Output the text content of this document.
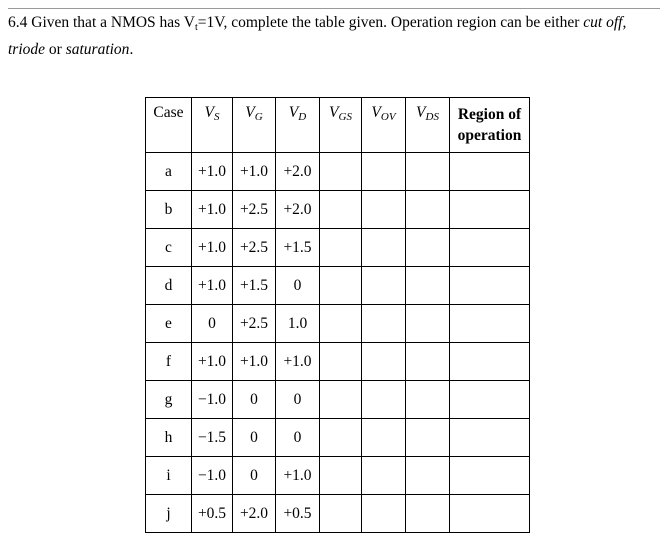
6.4 Given that a NMOS has $V_t=1V$, complete the table given. Operation region can be either cut off,
triode or saturation.
Case	VS	VG	VD	VGS	VOV	VDS	Region of
operation
a	+1.0	+1.0	+2.0				
b	+1.0	+2.5	+2.0				
c	+1.0	+2.5	+1.5				
d	+1.0	+1.5	0				
e	0	+2.5	1.0				
f	+1.0	+1.0	+1.0				
g	−1.0	0	0				
h	−1.5	0	0				
i	−1.0	0	+1.0				
j	+0.5	+2.0	+0.5				
